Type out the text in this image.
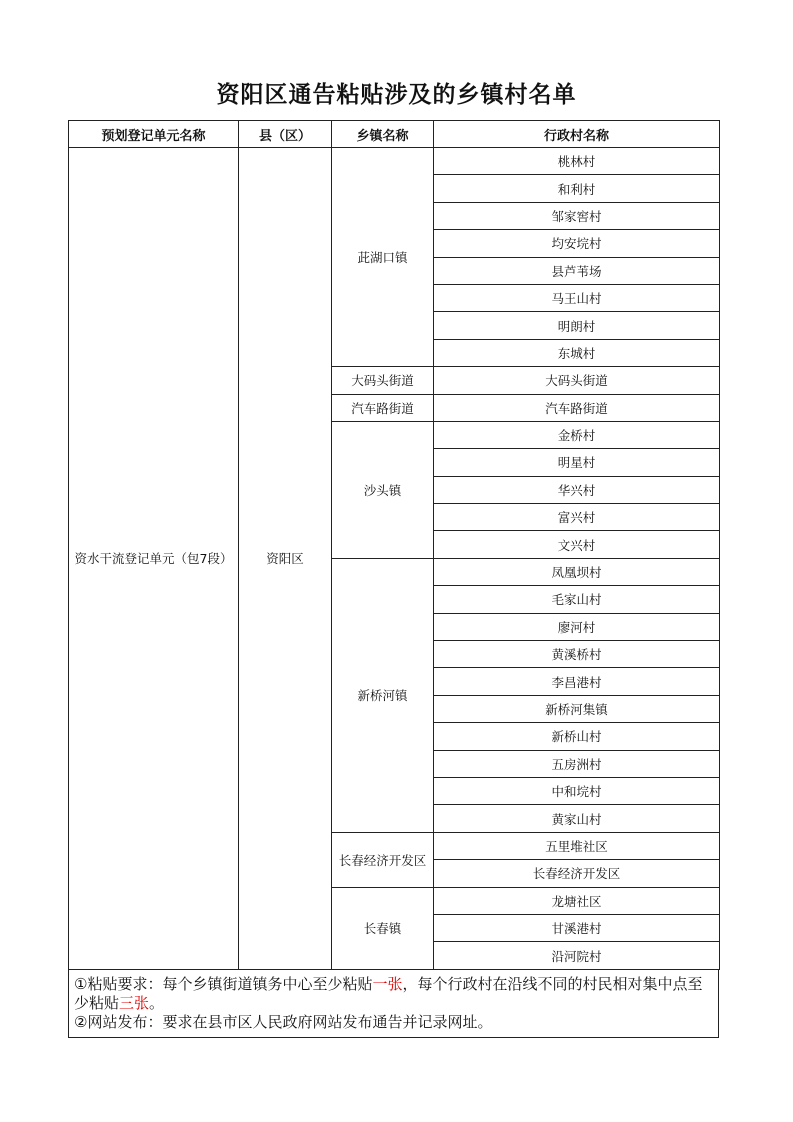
资阳区通告粘贴涉及的乡镇村名单
预划登记单元名称	县（区）	乡镇名称	行政村名称
资水干流登记单元（包7段）	资阳区	茈湖口镇	桃林村
			和利村
			邹家窖村
			均安垸村
			县芦苇场
			马王山村
			明朗村
			东城村
		大码头街道	大码头街道
		汽车路街道	汽车路街道
		沙头镇	金桥村
			明星村
			华兴村
			富兴村
			文兴村
		新桥河镇	凤凰坝村
			毛家山村
			廖河村
			黄溪桥村
			李昌港村
			新桥河集镇
			新桥山村
			五房洲村
			中和垸村
			黄家山村
		长春经济开发区	五里堆社区
			长春经济开发区
		长春镇	龙塘社区
			甘溪港村
			沿河院村
①粘贴要求：每个乡镇街道镇务中心至少粘贴一张，每个行政村在沿线不同的村民相对集中点至少粘贴三张。
②网站发布：要求在县市区人民政府网站发布通告并记录网址。
